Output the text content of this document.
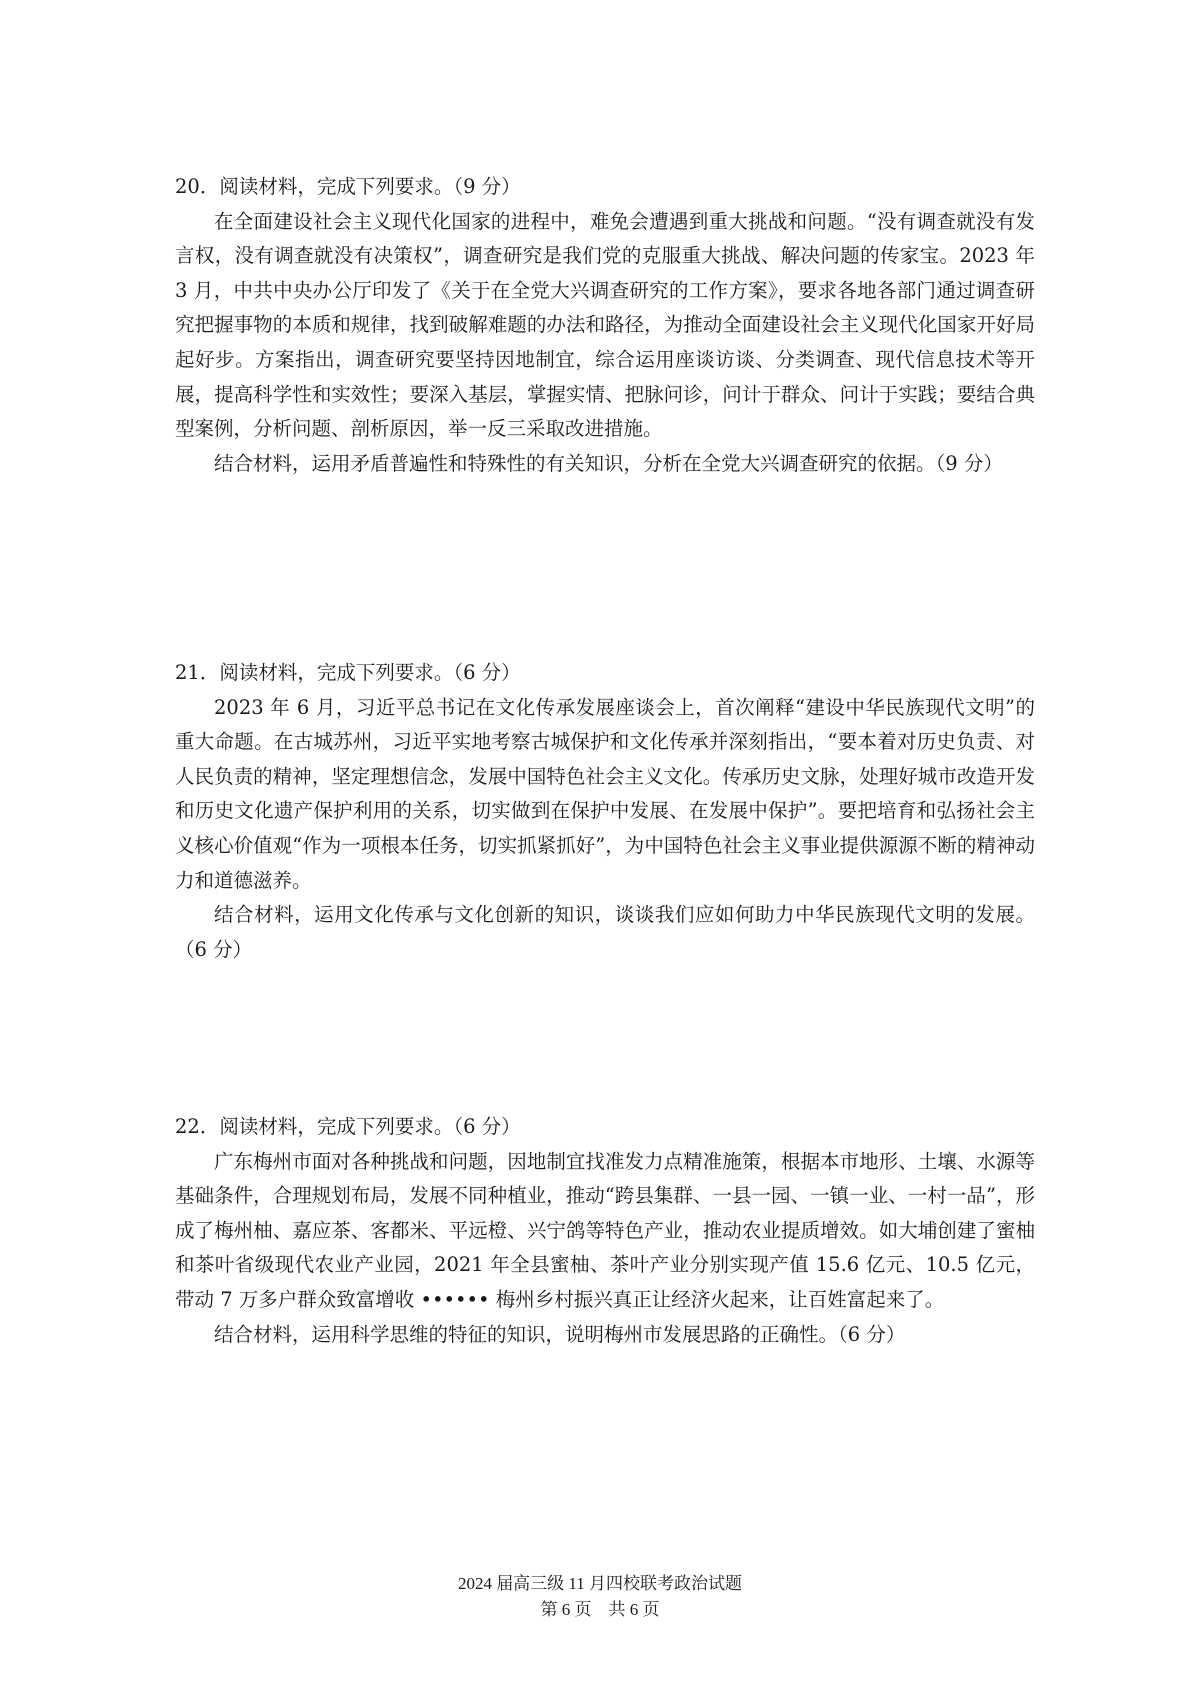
20．阅读材料，完成下列要求。（9 分）

在全面建设社会主义现代化国家的进程中，难免会遭遇到重大挑战和问题。“没有调查就没有发言权，没有调查就没有决策权”，调查研究是我们党的克服重大挑战、解决问题的传家宝。2023 年 3 月，中共中央办公厅印发了《关于在全党大兴调查研究的工作方案》，要求各地各部门通过调查研究把握事物的本质和规律，找到破解难题的办法和路径，为推动全面建设社会主义现代化国家开好局起好步。方案指出，调查研究要坚持因地制宜，综合运用座谈访谈、分类调查、现代信息技术等开展，提高科学性和实效性；要深入基层，掌握实情、把脉问诊，问计于群众、问计于实践；要结合典型案例，分析问题、剖析原因，举一反三采取改进措施。

结合材料，运用矛盾普遍性和特殊性的有关知识，分析在全党大兴调查研究的依据。（9 分）

21．阅读材料，完成下列要求。（6 分）

2023 年 6 月，习近平总书记在文化传承发展座谈会上，首次阐释“建设中华民族现代文明”的重大命题。在古城苏州，习近平实地考察古城保护和文化传承并深刻指出，“要本着对历史负责、对人民负责的精神，坚定理想信念，发展中国特色社会主义文化。传承历史文脉，处理好城市改造开发和历史文化遗产保护利用的关系，切实做到在保护中发展、在发展中保护”。要把培育和弘扬社会主义核心价值观“作为一项根本任务，切实抓紧抓好”，为中国特色社会主义事业提供源源不断的精神动力和道德滋养。

结合材料，运用文化传承与文化创新的知识，谈谈我们应如何助力中华民族现代文明的发展。（6 分）

22．阅读材料，完成下列要求。（6 分）

广东梅州市面对各种挑战和问题，因地制宜找准发力点精准施策，根据本市地形、土壤、水源等基础条件，合理规划布局，发展不同种植业，推动“跨县集群、一县一园、一镇一业、一村一品”，形成了梅州柚、嘉应茶、客都米、平远橙、兴宁鸽等特色产业，推动农业提质增效。如大埔创建了蜜柚和茶叶省级现代农业产业园，2021 年全县蜜柚、茶叶产业分别实现产值 15.6 亿元、10.5 亿元，带动 7 万多户群众致富增收 •••••• 梅州乡村振兴真正让经济火起来，让百姓富起来了。

结合材料，运用科学思维的特征的知识，说明梅州市发展思路的正确性。（6 分）

2024 届高三级 11 月四校联考政治试题
第 6 页　共 6 页
